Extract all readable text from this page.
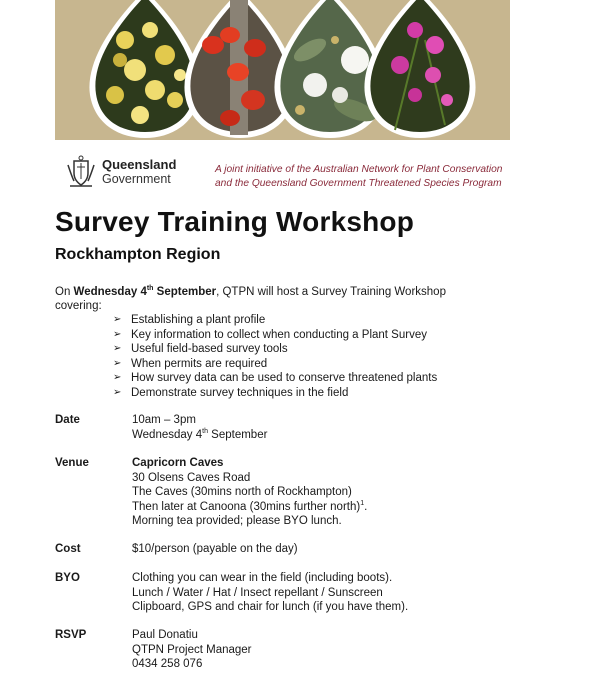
Queensland
Government
A joint initiative of the Australian Network for Plant Conservation
and the Queensland Government Threatened Species Program
Survey Training Workshop
Rockhampton Region
On Wednesday 4th September, QTPN will host a Survey Training Workshop covering:
➢ Establishing a plant profile
➢ Key information to collect when conducting a Plant Survey
➢ Useful field-based survey tools
➢ When permits are required
➢ How survey data can be used to conserve threatened plants
➢ Demonstrate survey techniques in the field
Date	10am – 3pm
Wednesday 4th September
Venue	Capricorn Caves
30 Olsens Caves Road
The Caves (30mins north of Rockhampton)
Then later at Canoona (30mins further north)$^1$.
Morning tea provided; please BYO lunch.
Cost	$10/person (payable on the day)
BYO	Clothing you can wear in the field (including boots).
Lunch / Water / Hat / Insect repellant / Sunscreen
Clipboard, GPS and chair for lunch (if you have them).
RSVP	Paul Donatiu
QTPN Project Manager
0434 258 076
